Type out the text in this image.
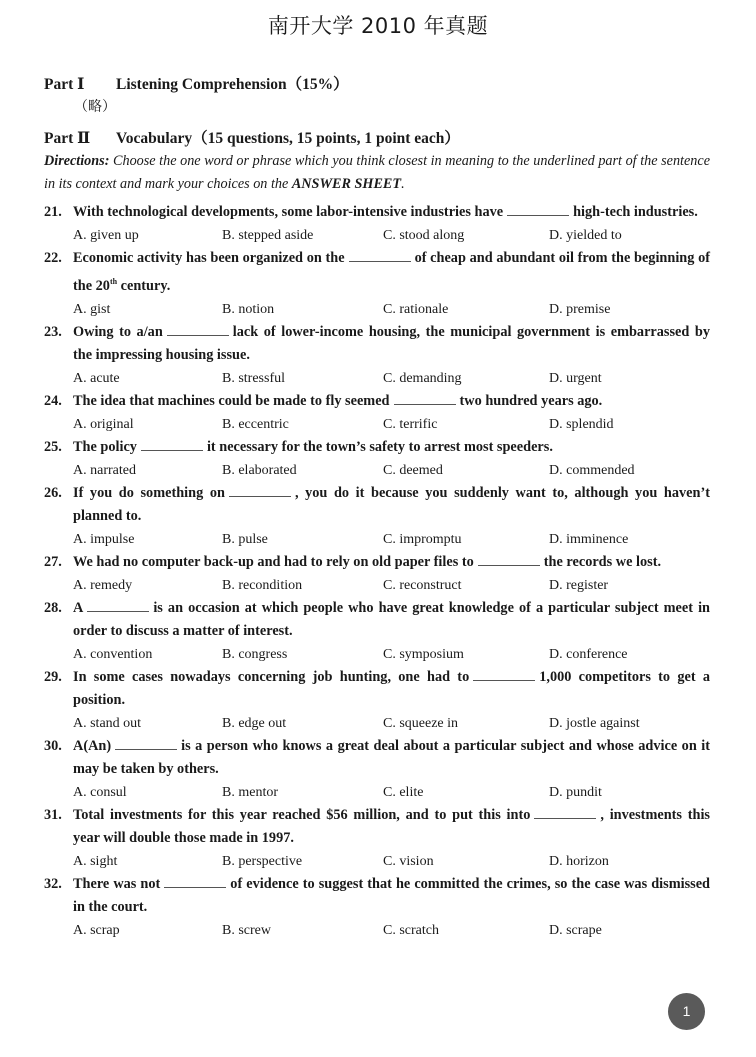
南开大学 2010 年真题
Part Ⅰ Listening Comprehension（15%）
（略）
Part Ⅱ Vocabulary（15 questions, 15 points, 1 point each）
Directions: Choose the one word or phrase which you think closest in meaning to the underlined part of the sentence in its context and mark your choices on the ANSWER SHEET.
21. With technological developments, some labor-intensive industries have	high-tech industries.
A. given up	B. stepped aside	C. stood along	D. yielded to
22. Economic activity has been organized on the	of cheap and abundant oil from the beginning of the 20th century.
A. gist	B. notion	C. rationale	D. premise
23. Owing to a/an	lack of lower-income housing, the municipal government is embarrassed by the impressing housing issue.
A. acute	B. stressful	C. demanding	D. urgent
24. The idea that machines could be made to fly seemed	two hundred years ago.
A. original	B. eccentric	C. terrific	D. splendid
25. The policy	it necessary for the town’s safety to arrest most speeders.
A. narrated	B. elaborated	C. deemed	D. commended
26. If you do something on	, you do it because you suddenly want to, although you haven’t planned to.
A. impulse	B. pulse	C. impromptu	D. imminence
27. We had no computer back-up and had to rely on old paper files to	the records we lost.
A. remedy	B. recondition	C. reconstruct	D. register
28. A	is an occasion at which people who have great knowledge of a particular subject meet in order to discuss a matter of interest.
A. convention	B. congress	C. symposium	D. conference
29. In some cases nowadays concerning job hunting, one had to	1,000 competitors to get a position.
A. stand out	B. edge out	C. squeeze in	D. jostle against
30. A(An)	is a person who knows a great deal about a particular subject and whose advice on it may be taken by others.
A. consul	B. mentor	C. elite	D. pundit
31. Total investments for this year reached $56 million, and to put this into	, investments this year will double those made in 1997.
A. sight	B. perspective	C. vision	D. horizon
32. There was not	of evidence to suggest that he committed the crimes, so the case was dismissed in the court.
A. scrap	B. screw	C. scratch	D. scrape
1
